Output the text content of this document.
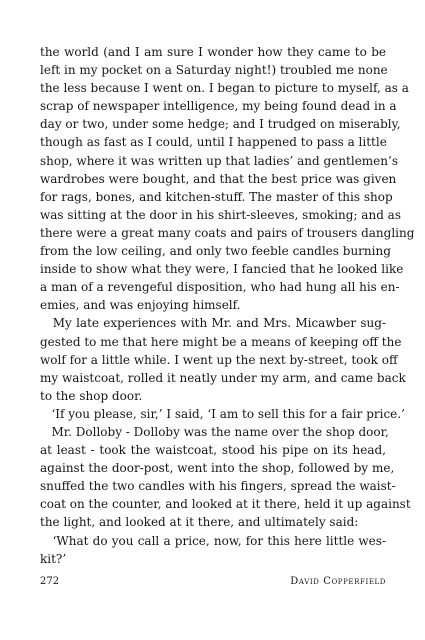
the world (and I am sure I wonder how they came to be
left in my pocket on a Saturday night!) troubled me none
the less because I went on. I began to picture to myself, as a
scrap of newspaper intelligence, my being found dead in a
day or two, under some hedge; and I trudged on miserably,
though as fast as I could, until I happened to pass a little
shop, where it was written up that ladies’ and gentlemen’s
wardrobes were bought, and that the best price was given
for rags, bones, and kitchen-stuff. The master of this shop
was sitting at the door in his shirt-sleeves, smoking; and as
there were a great many coats and pairs of trousers dangling
from the low ceiling, and only two feeble candles burning
inside to show what they were, I fancied that he looked like
a man of a revengeful disposition, who had hung all his en-
emies, and was enjoying himself.
My late experiences with Mr. and Mrs. Micawber sug-
gested to me that here might be a means of keeping off the
wolf for a little while. I went up the next by-street, took off
my waistcoat, rolled it neatly under my arm, and came back
to the shop door.
‘If you please, sir,’ I said, ‘I am to sell this for a fair price.’
Mr. Dolloby - Dolloby was the name over the shop door,
at least - took the waistcoat, stood his pipe on its head,
against the door-post, went into the shop, followed by me,
snuffed the two candles with his fingers, spread the waist-
coat on the counter, and looked at it there, held it up against
the light, and looked at it there, and ultimately said:
‘What do you call a price, now, for this here little wes-
kit?’
272	David Copperfield
